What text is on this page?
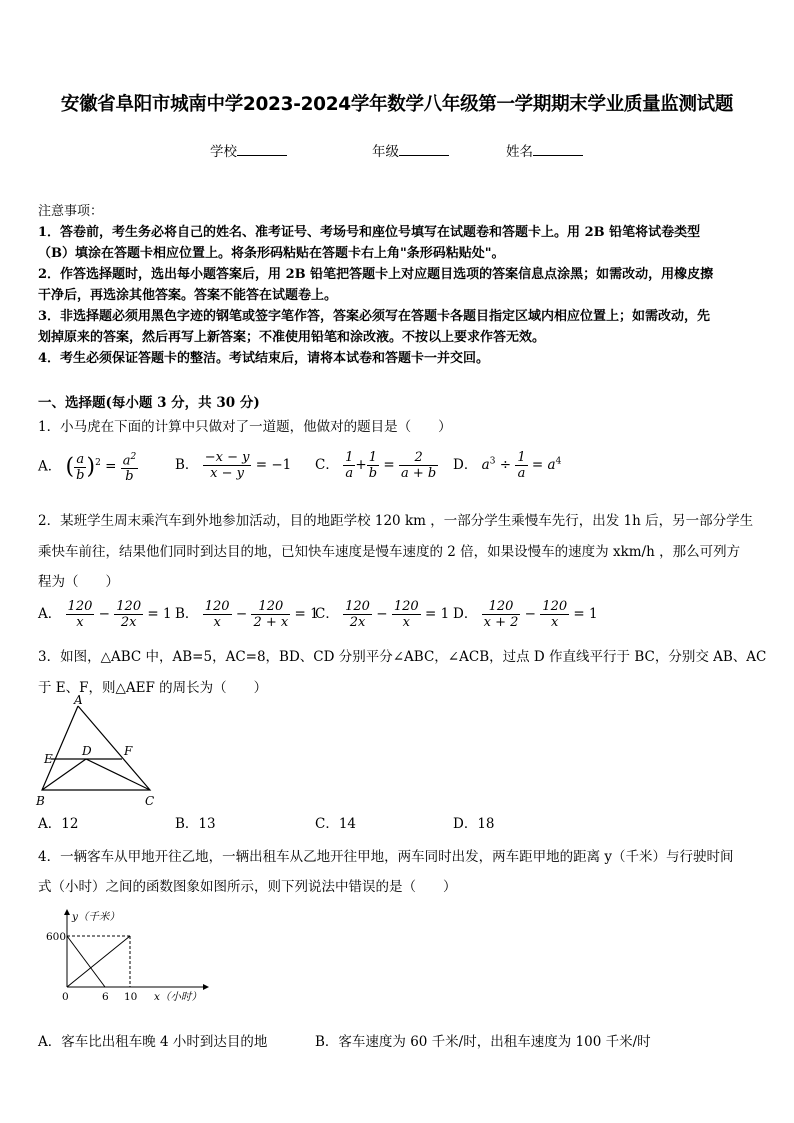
安徽省阜阳市城南中学2023-2024学年数学八年级第一学期期末学业质量监测试题
学校	年级	姓名
注意事项：
1．答卷前，考生务必将自己的姓名、准考证号、考场号和座位号填写在试题卷和答题卡上。用 2B 铅笔将试卷类型
（B）填涂在答题卡相应位置上。将条形码粘贴在答题卡右上角"条形码粘贴处"。
2．作答选择题时，选出每小题答案后，用 2B 铅笔把答题卡上对应题目选项的答案信息点涂黑；如需改动，用橡皮擦
干净后，再选涂其他答案。答案不能答在试题卷上。
3．非选择题必须用黑色字迹的钢笔或签字笔作答，答案必须写在答题卡各题目指定区域内相应位置上；如需改动，先
划掉原来的答案，然后再写上新答案；不准使用铅笔和涂改液。不按以上要求作答无效。
4．考生必须保证答题卡的整洁。考试结束后，请将本试卷和答题卡一并交回。
一、选择题(每小题 3 分，共 30 分)
1．小马虎在下面的计算中只做对了一道题，他做对的题目是（　　）
A． ( $\frac{a}{b} )^2 = \frac{a^2}{b}$	B． $\frac{-x - y}{x - y} = -1$ C． $\frac{1}{a} + \frac{1}{b} = \frac{2}{a + b}$ D． $a^3 \div \frac{1}{a} = a^4$
2．某班学生周末乘汽车到外地参加活动，目的地距学校 120 km ，一部分学生乘慢车先行，出发 1h 后，另一部分学生
乘快车前往，结果他们同时到达目的地，已知快车速度是慢车速度的 2 倍，如果设慢车的速度为 xkm/h ，那么可列方
程为（　　）
A． $\frac{120}{x} - \frac{120}{2x} = 1$ B． $\frac{120}{x} - \frac{120}{2 + x} = 1$
C． $\frac{120}{2x} - \frac{120}{x} = 1$ D． $\frac{120}{x + 2} - \frac{120}{x} = 1$
3．如图，△ABC 中，AB=5，AC=8，BD、CD 分别平分∠ABC，∠ACB，过点 D 作直线平行于 BC，分别交 AB、AC
于 E、F，则△AEF 的周长为（　　）
A
B	C
D
E
F
A．12	B．13	C．14	D．18
4．一辆客车从甲地开往乙地，一辆出租车从乙地开往甲地，两车同时出发，两车距甲地的距离 y（千米）与行驶时间
式（小时）之间的函数图象如图所示，则下列说法中错误的是（　　）
y（千米）
x（小时）
600
0	6 10
A．客车比出租车晚 4 小时到达目的地	B．客车速度为 60 千米/时，出租车速度为 100 千米/时
